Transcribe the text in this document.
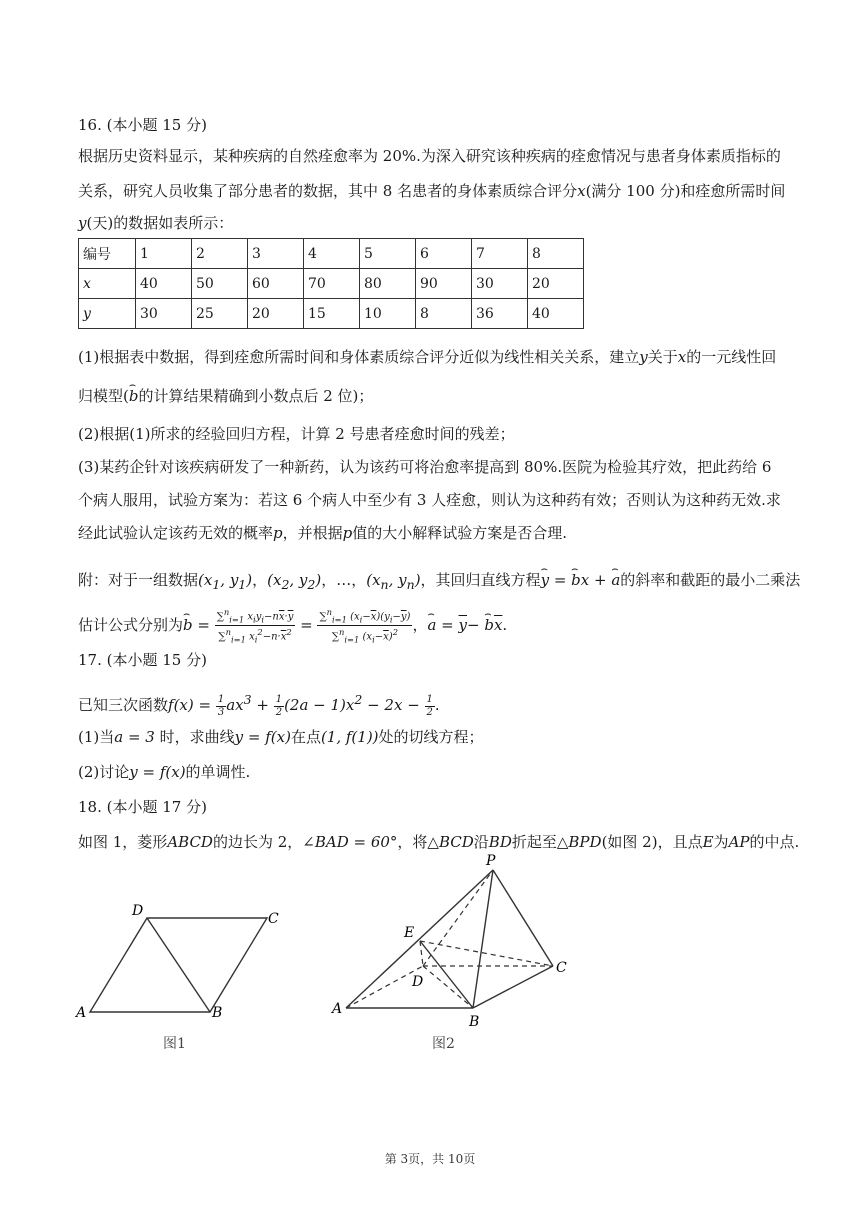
16. (本小题 15 分)
根据历史资料显示，某种疾病的自然痊愈率为 20%.为深入研究该种疾病的痊愈情况与患者身体素质指标的
关系，研究人员收集了部分患者的数据，其中 8 名患者的身体素质综合评分x(满分 100 分)和痊愈所需时间
y(天)的数据如表所示：
编号	1	2	3	4	5	6	7	8
x	40	50	60	70	80	90	30	20
y	30	25	20	15	10	8	36	40
(1)根据表中数据，得到痊愈所需时间和身体素质综合评分近似为线性相关关系，建立y关于x的一元线性回
归模型(⌢ b的计算结果精确到小数点后 2 位)；
(2)根据(1)所求的经验回归方程，计算 2 号患者痊愈时间的残差；
(3)某药企针对该疾病研发了一种新药，认为该药可将治愈率提高到 80%.医院为检验其疗效，把此药给 6
个病人服用，试验方案为：若这 6 个病人中至少有 3 人痊愈，则认为这种药有效；否则认为这种药无效.求
经此试验认定该药无效的概率p，并根据p值的大小解释试验方案是否合理.
附：对于一组数据($x_1$, $y_1$)，($x_2$, $y_2$)，…，($x_n$, $y_n$)，其回归直线方程⌢ y = ⌢ bx + ⌢ a的斜率和截距的最小二乘法
估计公式分别为⌢ $b = \frac{\sum^n_{i=1} x_iy_i-n\overline{x}\cdot\overline{y}}{\sum^n_{i=1} x_i^2-n\cdot\overline{x}^2} = \frac{\sum^n_{i=1} (x_i-\overline{x})(y_i-\overline{y})}{\sum^n_{i=1} (x_i-\overline{x})^2}$ ，⌢ $a = \overline{y}-$ ⌢ $b\overline{x}$.
17. (本小题 15 分)
已知三次函数$f(x) = \frac{1}{3} ax^3 + \frac{1}{2} (2a - 1)x^2 - 2x - \frac{1}{2}$ .
(1)当a = 3 时，求曲线y = f(x)在点(1, f(1))处的切线方程；
(2)讨论y = f(x)的单调性.
18. (本小题 17 分)
如图 1，菱形ABCD的边长为 2，∠BAD = 60°，将△BCD沿BD折起至△BPD(如图 2)，且点E为AP的中点.
D	C
A	B
图1
P
E
C
D
A
B
图2
第 3页，共 10页
